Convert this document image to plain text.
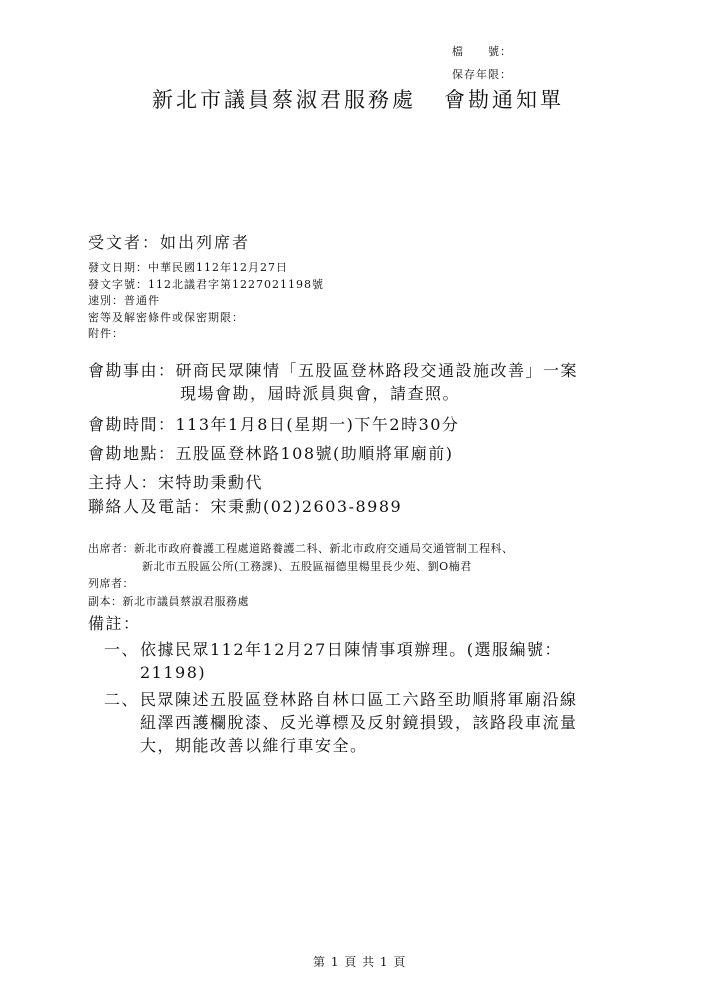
檔　　號：
保存年限：
新北市議員蔡淑君服務處 會勘通知單
受文者：如出列席者
發文日期：中華民國112年12月27日
發文字號：112北議君字第1227021198號
速別：普通件
密等及解密條件或保密期限：
附件：
會勘事由：研商民眾陳情「五股區登林路段交通設施改善」一案
現場會勘，屆時派員與會，請查照。
會勘時間：113年1月8日(星期一)下午2時30分
會勘地點：五股區登林路108號(助順將軍廟前)
主持人：宋特助秉勳代
聯絡人及電話：宋秉勳(02)2603-8989
出席者：新北市政府養護工程處道路養護二科、新北市政府交通局交通管制工程科、
新北市五股區公所(工務課)、五股區福德里楊里長少苑、劉O楠君
列席者：
副本：新北市議員蔡淑君服務處
備註：
一、依據民眾112年12月27日陳情事項辦理。(選服編號：
21198)
二、民眾陳述五股區登林路自林口區工六路至助順將軍廟沿線
紐澤西護欄脫漆、反光導標及反射鏡損毀，該路段車流量
大，期能改善以維行車安全。
第 1 頁 共 1 頁
